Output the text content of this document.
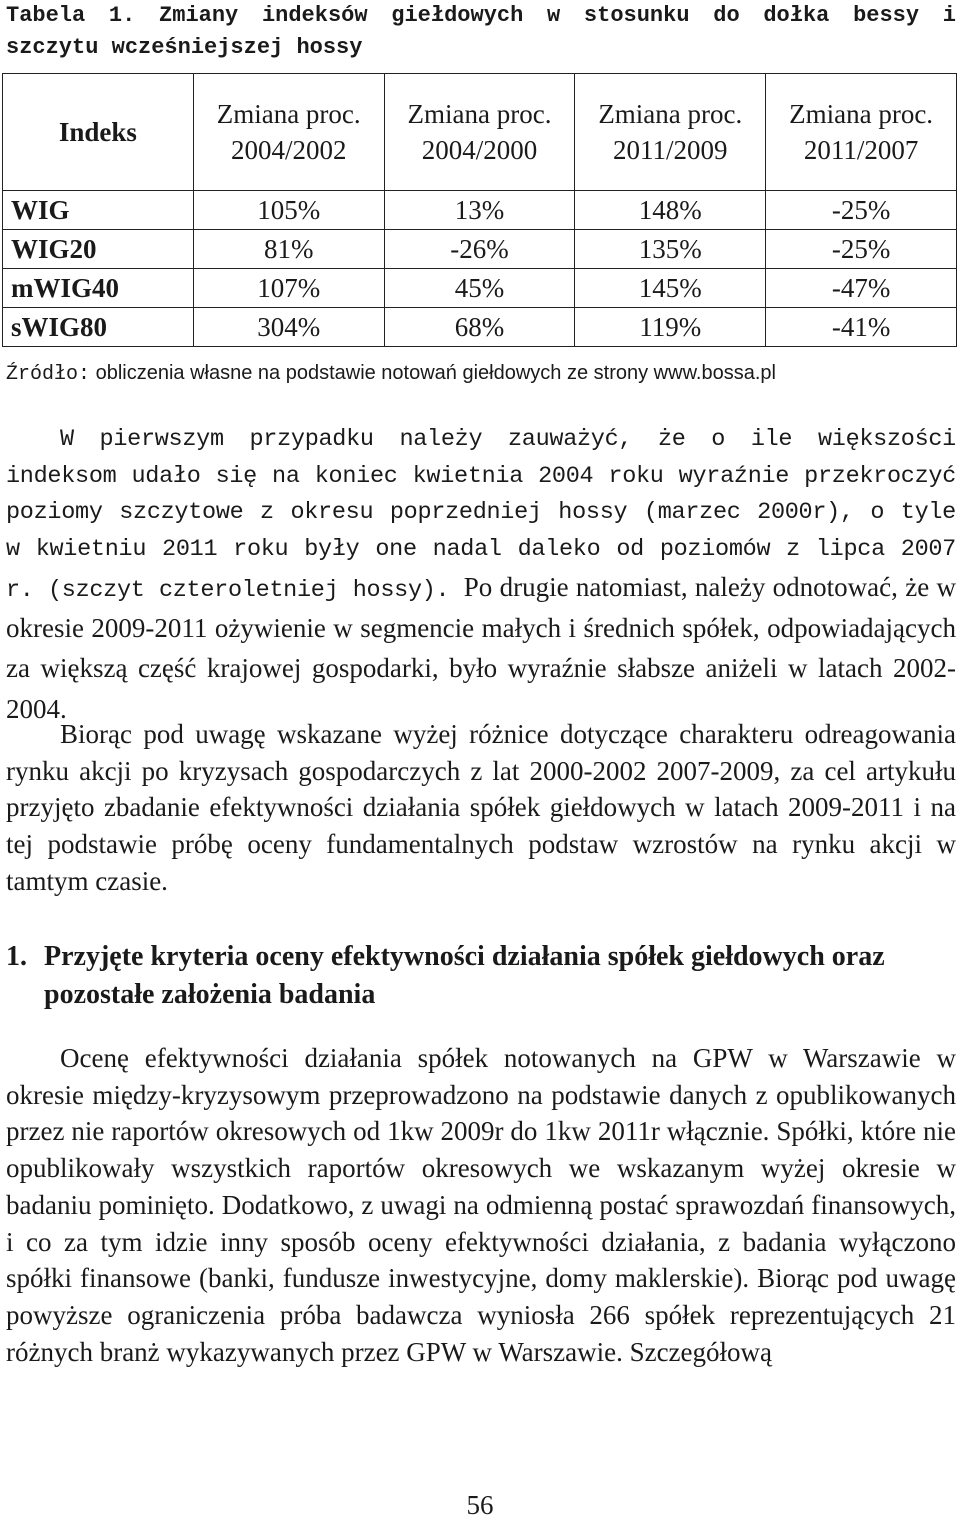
Tabela 1. Zmiany indeksów giełdowych w stosunku do dołka bessy i szczytu wcześniejszej hossy
Indeks	Zmiana proc. 2004/2002	Zmiana proc. 2004/2000	Zmiana proc. 2011/2009	Zmiana proc. 2011/2007
WIG	105%	13%	148%	-25%
WIG20	81%	-26%	135%	-25%
mWIG40	107%	45%	145%	-47%
sWIG80	304%	68%	119%	-41%
Źródło: obliczenia własne na podstawie notowań giełdowych ze strony www.bossa.pl

W pierwszym przypadku należy zauważyć, że o ile większości indeksom udało się na koniec kwietnia 2004 roku wyraźnie przekroczyć poziomy szczytowe z okresu poprzedniej hossy (marzec 2000r), o tyle w kwietniu 2011 roku były one nadal daleko od poziomów z lipca 2007 r. (szczyt czteroletniej hossy). Po drugie natomiast, należy odnotować, że w okresie 2009-2011 ożywienie w segmencie małych i średnich spółek, odpowiadających za większą część krajowej gospodarki, było wyraźnie słabsze aniżeli w latach 2002-2004.

Biorąc pod uwagę wskazane wyżej różnice dotyczące charakteru odreagowania rynku akcji po kryzysach gospodarczych z lat 2000-2002 2007-2009, za cel artykułu przyjęto zbadanie efektywności działania spółek giełdowych w latach 2009-2011 i na tej podstawie próbę oceny fundamentalnych podstaw wzrostów na rynku akcji w tamtym czasie.

1. Przyjęte kryteria oceny efektywności działania spółek giełdowych oraz pozostałe założenia badania

Ocenę efektywności działania spółek notowanych na GPW w Warszawie w okresie między-kryzysowym przeprowadzono na podstawie danych z opublikowanych przez nie raportów okresowych od 1kw 2009r do 1kw 2011r włącznie. Spółki, które nie opublikowały wszystkich raportów okresowych we wskazanym wyżej okresie w badaniu pominięto. Dodatkowo, z uwagi na odmienną postać sprawozdań finansowych, i co za tym idzie inny sposób oceny efektywności działania, z badania wyłączono spółki finansowe (banki, fundusze inwestycyjne, domy maklerskie). Biorąc pod uwagę powyższe ograniczenia próba badawcza wyniosła 266 spółek reprezentujących 21 różnych branż wykazywanych przez GPW w Warszawie. Szczegółową

56
